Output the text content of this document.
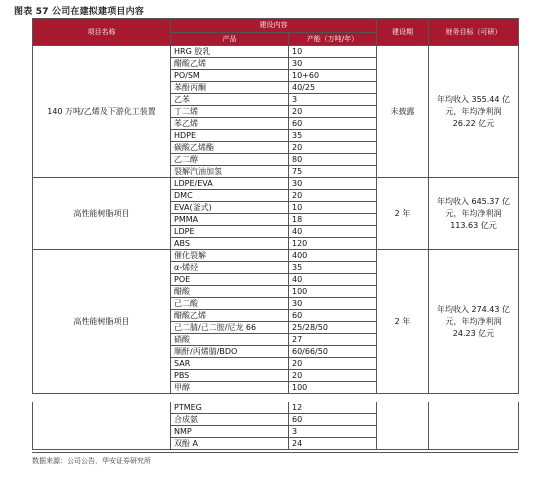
图表 57 公司在建拟建项目内容
项目名称	建设内容		建设期	财务目标（可研）
	产品	产能（万吨/年）		
140 万吨/乙烯及下游化工装置	HRG 胶乳	10	未披露	年均收入 355.44 亿元，年均净利润 26.22 亿元
	醋酸乙烯	30		
	PO/SM	10+60		
	苯酚丙酮	40/25		
	乙苯	3		
	丁二烯	20		
	苯乙烯	60		
	HDPE	35		
	碳酸乙烯酯	20		
	乙二醇	80		
	裂解汽油加氢	75		
高性能树脂项目	LDPE/EVA	30	2 年	年均收入 645.37 亿元，年均净利润 113.63 亿元
	DMC	20		
	EVA(釜式)	10		
	PMMA	18		
	LDPE	40		
	ABS	120		
高性能树脂项目	催化裂解	400	2 年	年均收入 274.43 亿元，年均净利润 24.23 亿元
	α-烯烃	35		
	POE	40		
	醋酸	100		
	己二酸	30		
	醋酸乙烯	60		
	己二腈/己二胺/尼龙 66	25/28/50		
	硝酸	27		
	顺酐/丙烯腈/BDO	60/66/50		
	SAR	20		
	PBS	20		
	甲醇	100		
	PTMEG	12		
	合成氨	60		
	NMP	3		
	双酚 A	24		
数据来源：公司公告，华安证券研究所
